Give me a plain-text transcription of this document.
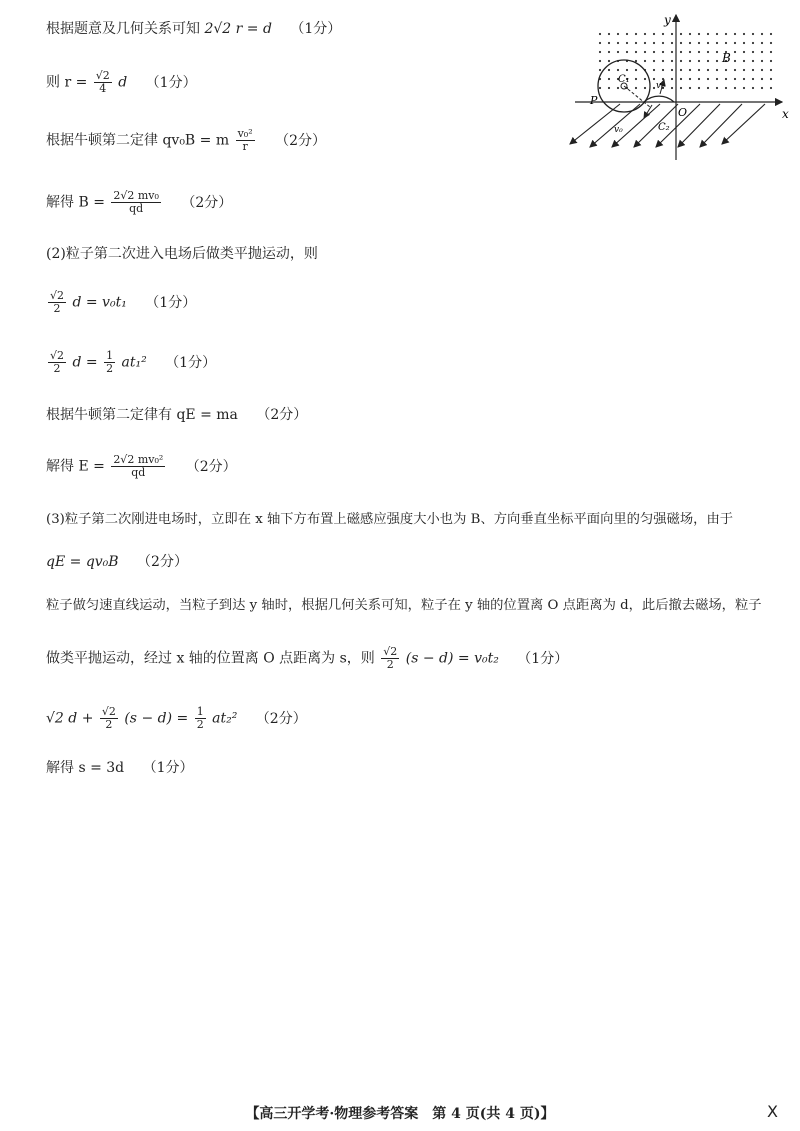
x
y
O
B
P
C₁
C₂
v₀
v₀
根据题意及几何关系可知 2√2 r = d （1分）
则 $r = \frac{√2}{4}$ d （1分）
根据牛顿第二定律 qv₀B = m $\frac{\text{v₀²}}{r} (2$分）
解得 $B = \frac{\text{2√2 mv₀}}{qd} (2$分）
(2)粒子第二次进入电场后做类平抛运动，则
$\frac{√2}{2}$ d = v₀t₁ （1分）
$\frac{√2}{2}$ $d = \frac{1}{2} at_1^2$ （1分）
根据牛顿第二定律有 qE = ma （2分）
解得 $E = \frac{\text{2√2 mv₀²}}{qd} (2$分）
(3)粒子第二次刚进电场时，立即在 x 轴下方布置上磁感应强度大小也为 B、方向垂直坐标平面向里的匀强磁场，由于
qE = qv₀B （2分）
粒子做匀速直线运动，当粒子到达 y 轴时，根据几何关系可知，粒子在 y 轴的位置离 O 点距离为 d，此后撤去磁场，粒子
做类平抛运动，经过 x 轴的位置离 O 点距离为 s，则 $\frac{√2}{2} (s - d) = v_0t_2$ （1分）
√2 $d + \frac{√2}{2} (s - d) = \frac{1}{2} at_2^2$ （2分）
解得 s = 3d （1分）
【高三开学考·物理参考答案　第 4 页(共 4 页)】	X
